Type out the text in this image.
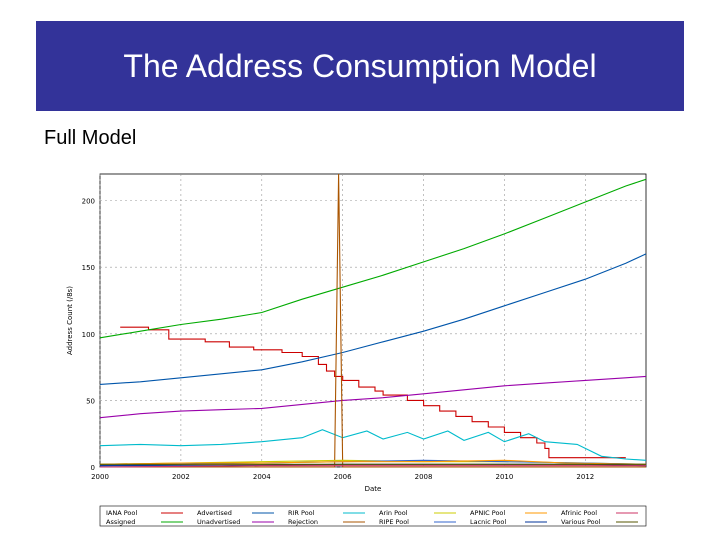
The Address Consumption Model
Full Model
0
50
100
150
200
2000	2002	2004	2006	2008	2010	2012
Date
Address Count (/8s)
IANA Pool
Assigned
Advertised
Unadvertised
RIR Pool
Rejection
Arin Pool
RIPE Pool
APNIC Pool
Lacnic Pool
Afrinic Pool
Various Pool
